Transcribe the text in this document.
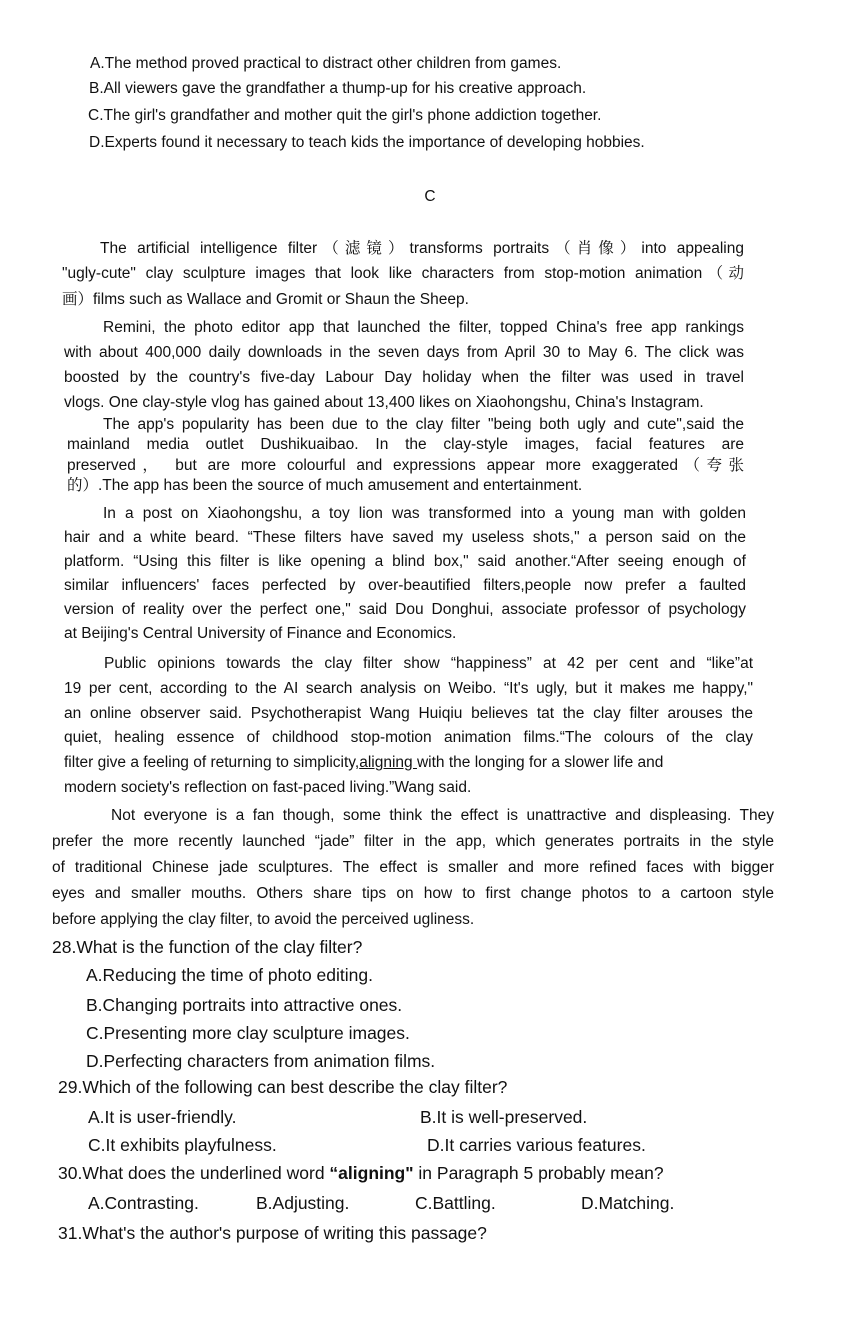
A.The method proved practical to distract other children from games.
B.All viewers gave the grandfather a thump-up for his creative approach.
C.The girl's grandfather and mother quit the girl's phone addiction together.
D.Experts found it necessary to teach kids the importance of developing hobbies.
C
The artificial intelligence filter（滤镜）transforms portraits（肖像）into appealing
"ugly-cute" clay sculpture images that look like characters from stop-motion animation（动
画）films such as Wallace and Gromit or Shaun the Sheep.
Remini, the photo editor app that launched the filter, topped China's free app rankings
with about 400,000 daily downloads in the seven days from April 30 to May 6. The click was
boosted by the country's five-day Labour Day holiday when the filter was used in travel
vlogs. One clay-style vlog has gained about 13,400 likes on Xiaohongshu, China's Instagram.
The app's popularity has been due to the clay filter "being both ugly and cute",said the
mainland media outlet Dushikuaibao. In the clay-style images, facial features are
preserved， but are more colourful and expressions appear more exaggerated（夸张
的）.The app has been the source of much amusement and entertainment.
In a post on Xiaohongshu, a toy lion was transformed into a young man with golden
hair and a white beard. “These filters have saved my useless shots," a person said on the
platform. “Using this filter is like opening a blind box," said another.“After seeing enough of
similar influencers' faces perfected by over-beautified filters,people now prefer a faulted
version of reality over the perfect one," said Dou Donghui, associate professor of psychology
at Beijing's Central University of Finance and Economics.
Public opinions towards the clay filter show “happiness” at 42 per cent and “like”at
19 per cent, according to the AI search analysis on Weibo. “It's ugly, but it makes me happy,"
an online observer said. Psychotherapist Wang Huiqiu believes tat the clay filter arouses the
quiet, healing essence of childhood stop-motion animation films.“The colours of the clay
filter give a feeling of returning to simplicity,aligning with the longing for a slower life and
modern society's reflection on fast-paced living.”Wang said.
Not everyone is a fan though, some think the effect is unattractive and displeasing. They
prefer the more recently launched “jade” filter in the app, which generates portraits in the style
of traditional Chinese jade sculptures. The effect is smaller and more refined faces with bigger
eyes and smaller mouths. Others share tips on how to first change photos to a cartoon style
before applying the clay filter, to avoid the perceived ugliness.
28.What is the function of the clay filter?
A.Reducing the time of photo editing.
B.Changing portraits into attractive ones.
C.Presenting more clay sculpture images.
D.Perfecting characters from animation films.
29.Which of the following can best describe the clay filter?
A.It is user-friendly.	B.It is well-preserved.
C.It exhibits playfulness.	D.It carries various features.
30.What does the underlined word “aligning" in Paragraph 5 probably mean?
A.Contrasting.	B.Adjusting.	C.Battling.	D.Matching.
31.What's the author's purpose of writing this passage?
